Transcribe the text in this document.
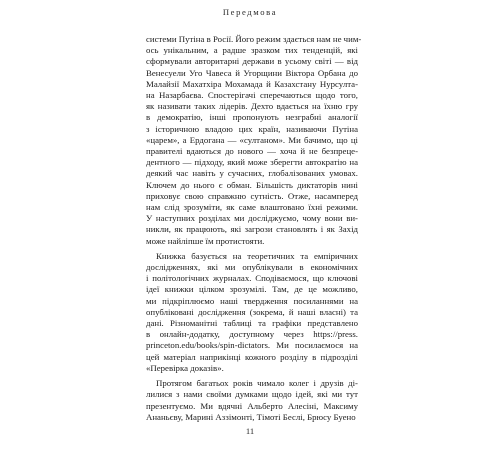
Передмова
системи Путіна в Росії. Його режим здається нам не чим-
ось унікальним, а радше зразком тих тенденцій, які
сформували авторитарні держави в усьому світі — від
Венесуели Уго Чавеса й Угорщини Віктора Орбана до
Малайзії Махатхіра Мохамада й Казахстану Нурсулта-
на Назарбаєва. Спостерігачі сперечаються щодо того,
як називати таких лідерів. Дехто вдається на їхню гру
в демократію, інші пропонують незграбні аналогії
з історичною владою цих країн, називаючи Путіна
«царем», а Ердогана — «султаном». Ми бачимо, що ці
правителі вдаються до нового — хоча й не безпреце-
дентного — підходу, який може зберегти автократію на
деякий час навіть у сучасних, глобалізованих умовах.
Ключем до нього є обман. Більшість диктаторів нині
приховує свою справжню сутність. Отже, насамперед
нам слід зрозуміти, як саме влаштовано їхні режими.
У наступних розділах ми досліджуємо, чому вони ви-
никли, як працюють, які загрози становлять і як Захід
може найліпше їм протистояти.
Книжка базується на теоретичних та емпіричних
дослідженнях, які ми опублікували в економічних
і політологічних журналах. Сподіваємося, що ключові
ідеї книжки цілком зрозумілі. Там, де це можливо,
ми підкріплюємо наші твердження посиланнями на
опубліковані дослідження (зокрема, й наші власні) та
дані. Різноманітні таблиці та графіки представлено
в онлайн-додатку, доступному через https://press.
princeton.edu/books/spin-dictators. Ми посилаємося на
цей матеріал наприкінці кожного розділу в підрозділі
«Перевірка доказів».
Протягом багатьох років чимало колег і друзів ді-
лилися з нами своїми думками щодо ідей, які ми тут
презентуємо. Ми вдячні Альберто Алесіні, Максиму
Ананьєву, Марині Аззімонті, Тімоті Беслі, Брюсу Буено
11
